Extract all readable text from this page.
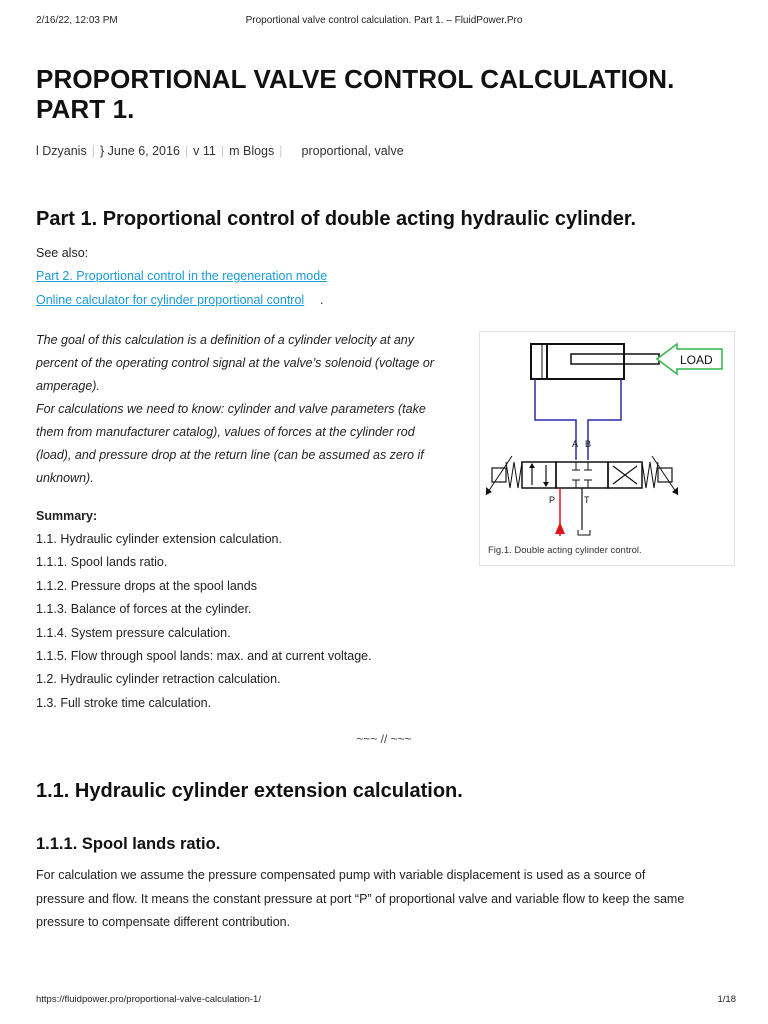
2/16/22, 12:03 PM	Proportional valve control calculation. Part 1. – FluidPower.Pro
PROPORTIONAL VALVE CONTROL CALCULATION. PART 1.
l Dzyanis | } June 6, 2016 | v 11 | m Blogs | proportional, valve
Part 1. Proportional control of double acting hydraulic cylinder.
See also:
Part 2. Proportional control in the regeneration mode
Online calculator for cylinder proportional control .
The goal of this calculation is a definition of a cylinder velocity at any
percent of the operating control signal at the valve’s solenoid (voltage or
amperage).
For calculations we need to know: cylinder and valve parameters (take
them from manufacturer catalog), values of forces at the cylinder rod
(load), and pressure drop at the return line (can be assumed as zero if
unknown).
Summary:
1.1. Hydraulic cylinder extension calculation.
1.1.1. Spool lands ratio.
1.1.2. Pressure drops at the spool lands
1.1.3. Balance of forces at the cylinder.
1.1.4. System pressure calculation.
1.1.5. Flow through spool lands: max. and at current voltage.
1.2. Hydraulic cylinder retraction calculation.
1.3. Full stroke time calculation.
LOAD
A B
P	T
Fig.1. Double acting cylinder control.
~~~ // ~~~
1.1. Hydraulic cylinder extension calculation.
1.1.1. Spool lands ratio.
For calculation we assume the pressure compensated pump with variable displacement is used as a source of
pressure and flow. It means the constant pressure at port “P” of proportional valve and variable flow to keep the same
pressure to compensate different contribution.
https://fluidpower.pro/proportional-valve-calculation-1/	1/18
